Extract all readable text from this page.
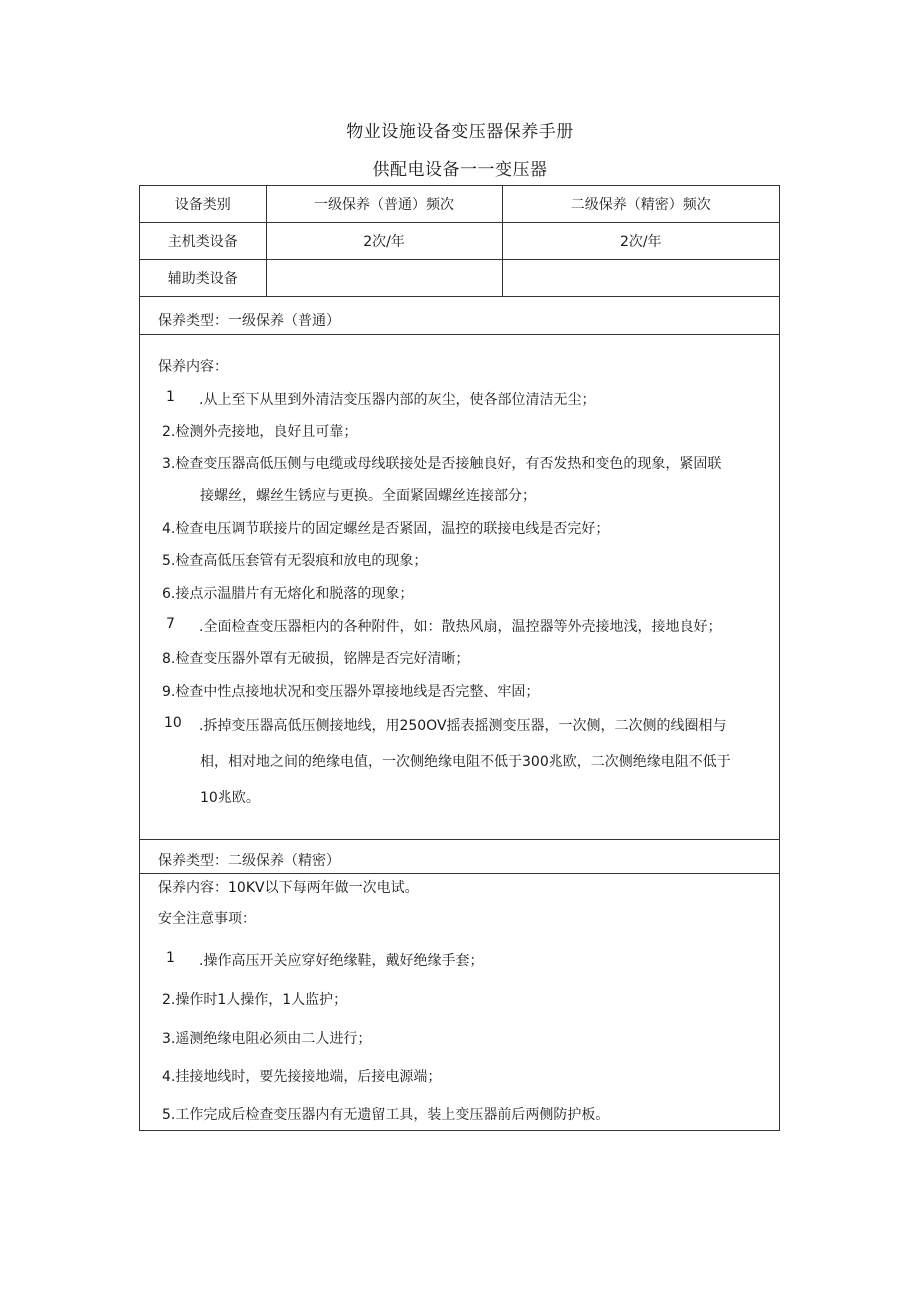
物业设施设备变压器保养手册
供配电设备一一变压器
设备类别	一级保养（普通）频次	二级保养（精密）频次
主机类设备	2次/年	2次/年
辅助类设备		
保养类型：一级保养（普通）
保养内容：
1 .从上至下从里到外清洁变压器内部的灰尘，使各部位清洁无尘；
2.检测外壳接地，良好且可靠；
3.检查变压器高低压侧与电缆或母线联接处是否接触良好，有否发热和变色的现象，紧固联
接螺丝，螺丝生锈应与更换。全面紧固螺丝连接部分；
4.检查电压调节联接片的固定螺丝是否紧固，温控的联接电线是否完好；
5.检查高低压套管有无裂痕和放电的现象；
6.接点示温腊片有无熔化和脱落的现象；
7 .全面检查变压器柜内的各种附件，如：散热风扇，温控器等外壳接地浅，接地良好；
8.检查变压器外罩有无破损，铭牌是否完好清晰；
9.检查中性点接地状况和变压器外罩接地线是否完整、牢固；
10 .拆掉变压器高低压侧接地线，用250OV摇表摇测变压器，一次侧，二次侧的线圈相与
相，相对地之间的绝缘电值，一次侧绝缘电阻不低于300兆欧，二次侧绝缘电阻不低于
10兆欧。
保养类型：二级保养（精密）
保养内容：10KV以下每两年做一次电试。
安全注意事项：
1 .操作高压开关应穿好绝缘鞋，戴好绝缘手套；
2.操作时1人操作，1人监护；
3.遥测绝缘电阻必须由二人进行；
4.挂接地线时，要先接接地端，后接电源端；
5.工作完成后检查变压器内有无遗留工具，装上变压器前后两侧防护板。
